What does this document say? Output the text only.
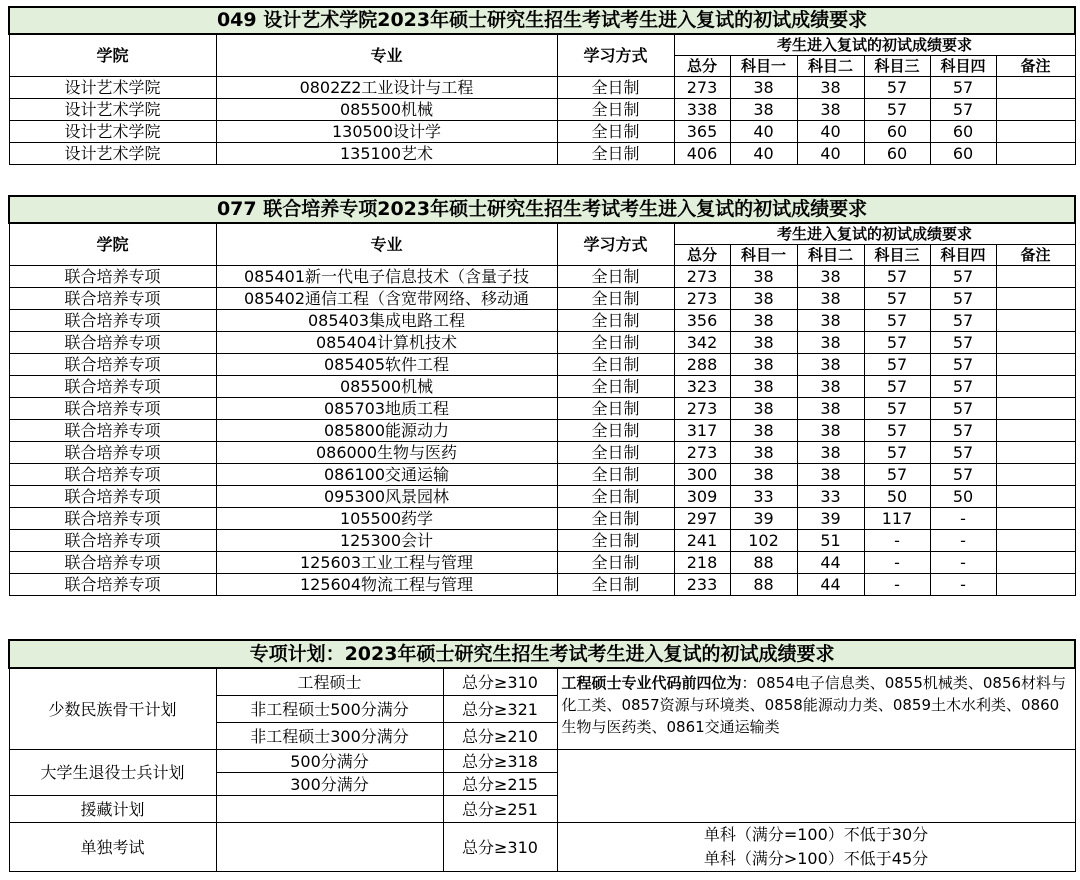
049 设计艺术学院2023年硕士研究生招生考试考生进入复试的初试成绩要求								
学院	专业	学习方式	考生进入复试的初试成绩要求					
			总分	科目一	科目二	科目三	科目四	备注
设计艺术学院	0802Z2工业设计与工程	全日制	273	38	38	57	57	
设计艺术学院	085500机械	全日制	338	38	38	57	57	
设计艺术学院	130500设计学	全日制	365	40	40	60	60	
设计艺术学院	135100艺术	全日制	406	40	40	60	60	
077 联合培养专项2023年硕士研究生招生考试考生进入复试的初试成绩要求								
学院	专业	学习方式	考生进入复试的初试成绩要求					
			总分	科目一	科目二	科目三	科目四	备注
联合培养专项	085401新一代电子信息技术（含量子技	全日制	273	38	38	57	57	
联合培养专项	085402通信工程（含宽带网络、移动通	全日制	273	38	38	57	57	
联合培养专项	085403集成电路工程	全日制	356	38	38	57	57	
联合培养专项	085404计算机技术	全日制	342	38	38	57	57	
联合培养专项	085405软件工程	全日制	288	38	38	57	57	
联合培养专项	085500机械	全日制	323	38	38	57	57	
联合培养专项	085703地质工程	全日制	273	38	38	57	57	
联合培养专项	085800能源动力	全日制	317	38	38	57	57	
联合培养专项	086000生物与医药	全日制	273	38	38	57	57	
联合培养专项	086100交通运输	全日制	300	38	38	57	57	
联合培养专项	095300风景园林	全日制	309	33	33	50	50	
联合培养专项	105500药学	全日制	297	39	39	117	-	
联合培养专项	125300会计	全日制	241	102	51	-	-	
联合培养专项	125603工业工程与管理	全日制	218	88	44	-	-	
联合培养专项	125604物流工程与管理	全日制	233	88	44	-	-	
专项计划：2023年硕士研究生招生考试考生进入复试的初试成绩要求			
少数民族骨干计划	工程硕士	总分≥310	工程硕士专业代码前四位为：0854电子信息类、0855机械类、0856材料与化工类、0857资源与环境类、0858能源动力类、0859土木水利类、0860生物与医药类、0861交通运输类
	非工程硕士500分满分	总分≥321	
	非工程硕士300分满分	总分≥210	
大学生退役士兵计划	500分满分	总分≥318	
	300分满分	总分≥215	
援藏计划		总分≥251	
单独考试		总分≥310	单科（满分=100）不低于30分
单科（满分>100）不低于45分
